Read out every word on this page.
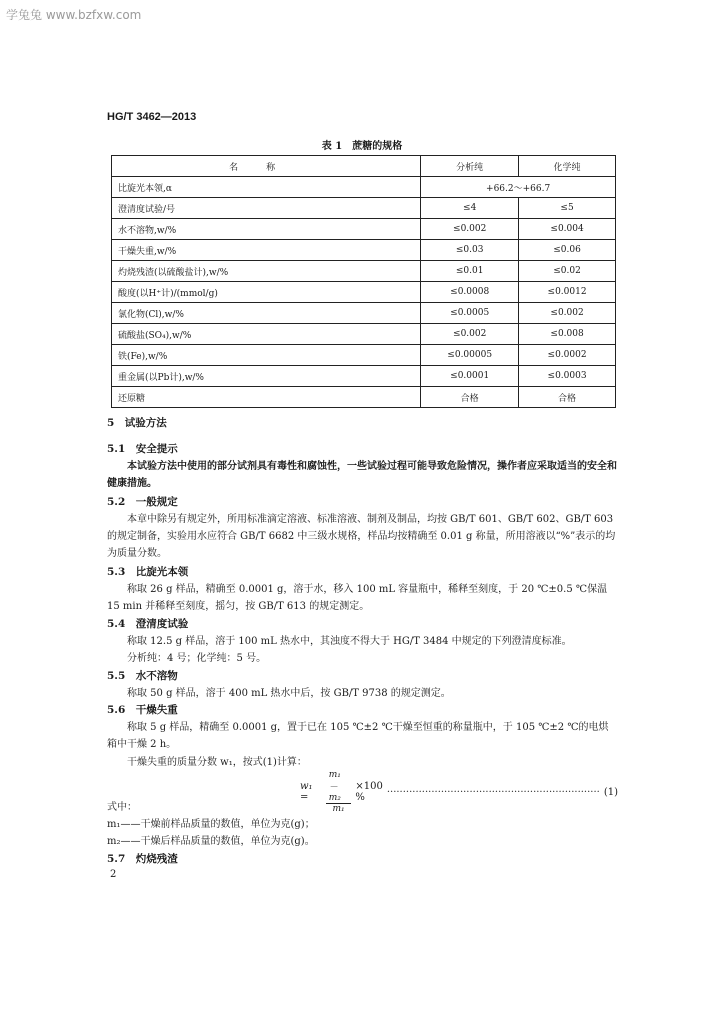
学兔兔 www.bzfxw.com
HG/T 3462—2013
表 1　蔗糖的规格
名称	分析纯	化学纯
比旋光本领,α	+66.2～+66.7	
澄清度试验/号	≤4	≤5
水不溶物,w/%	≤0.002	≤0.004
干燥失重,w/%	≤0.03	≤0.06
灼烧残渣(以硫酸盐计),w/%	≤0.01	≤0.02
酸度(以H⁺计)/(mmol/g)	≤0.0008	≤0.0012
氯化物(Cl),w/%	≤0.0005	≤0.002
硫酸盐(SO₄),w/%	≤0.002	≤0.008
铁(Fe),w/%	≤0.00005	≤0.0002
重金属(以Pb计),w/%	≤0.0001	≤0.0003
还原糖	合格	合格
5　试验方法
5.1　安全提示
本试验方法中使用的部分试剂具有毒性和腐蚀性，一些试验过程可能导致危险情况，操作者应采取适当的安全和健康措施。
5.2　一般规定
本章中除另有规定外，所用标准滴定溶液、标准溶液、制剂及制品，均按 GB/T 601、GB/T 602、GB/T 603 的规定制备，实验用水应符合 GB/T 6682 中三级水规格，样品均按精确至 0.01 g 称量，所用溶液以“%”表示的均为质量分数。
5.3　比旋光本领
称取 26 g 样品，精确至 0.0001 g，溶于水，移入 100 mL 容量瓶中，稀释至刻度，于 20 ℃±0.5 ℃保温 15 min 并稀释至刻度，摇匀，按 GB/T 613 的规定测定。
5.4　澄清度试验
称取 12.5 g 样品，溶于 100 mL 热水中，其浊度不得大于 HG/T 3484 中规定的下列澄清度标准。
分析纯：4 号；化学纯：5 号。
5.5　水不溶物
称取 50 g 样品，溶于 400 mL 热水中后，按 GB/T 9738 的规定测定。
5.6　干燥失重
称取 5 g 样品，精确至 0.0001 g，置于已在 105 ℃±2 ℃干燥至恒重的称量瓶中，于 105 ℃±2 ℃的电烘箱中干燥 2 h。
干燥失重的质量分数 w₁，按式(1)计算：
w₁ =	$\frac{\text{m₁－m₂}}{\text{m₁}} \times 100$ %	··································································· (1)
式中：
m₁——干燥前样品质量的数值，单位为克(g)；
m₂——干燥后样品质量的数值，单位为克(g)。
5.7　灼烧残渣
2
